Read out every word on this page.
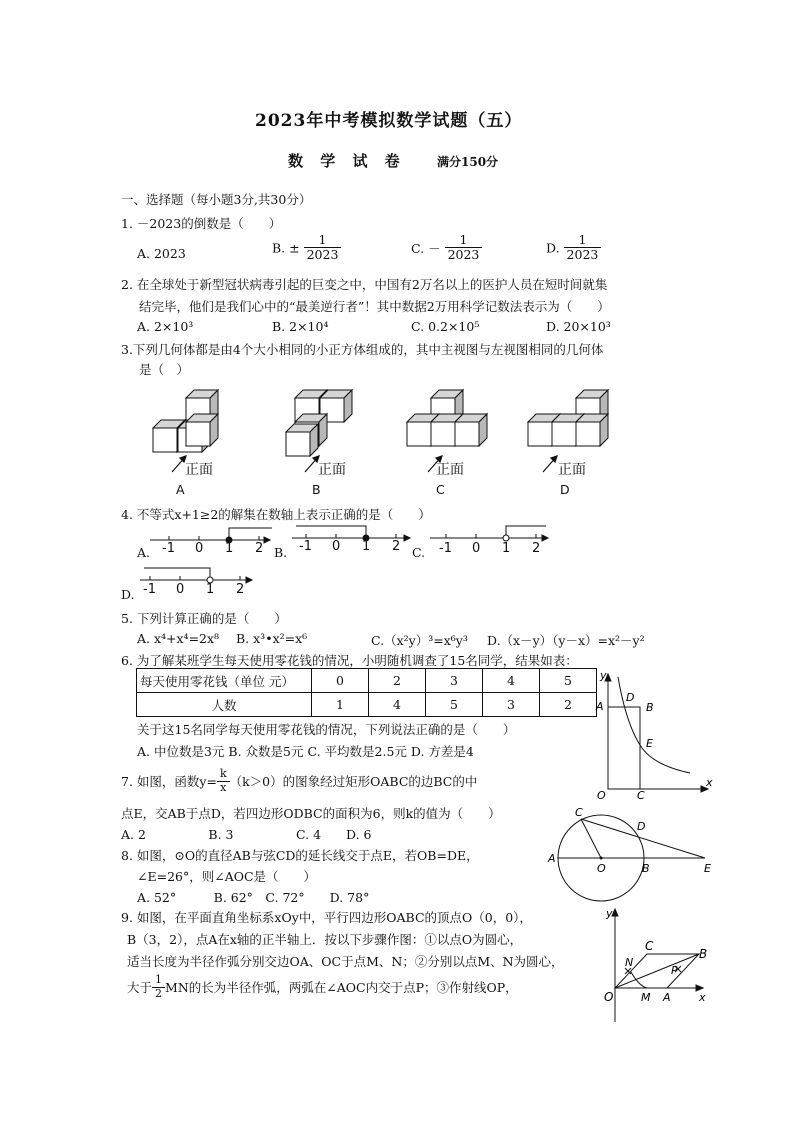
2023年中考模拟数学试题（五）
数 学 试 卷	满分150分
一、选择题（每小题3分,共30分）
1. －2023的倒数是（　　）
A. 2023	B. ± $\frac{1}{2023}$	C. － $\frac{1}{2023}$	D. $\frac{1}{2023}$
2. 在全球处于新型冠状病毒引起的巨变之中，中国有2万名以上的医护人员在短时间就集
结完毕，他们是我们心中的“最美逆行者”！其中数据2万用科学记数法表示为（　　）
A. 2×10³	B. 2×10⁴	C. 0.2×10⁵	D. 20×10³
3.下列几何体都是由4个大小相同的小正方体组成的，其中主视图与左视图相同的几何体
是（　）
正面	正面	正面	正面
A	B	C	D
4. 不等式x+1≥2的解集在数轴上表示正确的是（　　）
A.	B.	C.
D.
-1 0 1 2	-1 0 1 2	-1 0 1 2
-1 0 1 2
5. 下列计算正确的是（　　）
A. x⁴+x⁴=2x⁸ B. x³•x²=x⁶	C.（x²y）³=x⁶y³ D.（x－y）（y－x）=x²－y²
6. 为了解某班学生每天使用零花钱的情况，小明随机调查了15名同学，结果如表：
每天使用零花钱（单位 元）	0	2	3	4	5
人数	1	4	5	3	2
关于这15名同学每天使用零花钱的情况，下列说法正确的是（　　）
A. 中位数是3元 B. 众数是5元 C. 平均数是2.5元 D. 方差是4
y
A
D
B
E
O	C
x
7. 如图，函数$y= \frac{k}{x} (k>0)$的图象经过矩形OABC的边BC的中
点E，交AB于点D，若四边形ODBC的面积为6，则k的值为（　　）
A. 2　　　　　B. 3　　　　　C. 4　　D. 6
C
D
A
O	B	E
8. 如图，⊙O的直径AB与弦CD的延长线交于点E，若OB=DE，
∠E=26°，则∠AOC是（　　）
A. 52°　　　B. 62°　C. 72°　　D. 78°
y
C
B
N
P
O	M A	x
9. 如图，在平面直角坐标系xOy中，平行四边形OABC的顶点O（0，0），
B（3，2），点A在x轴的正半轴上．按以下步骤作图：①以点O为圆心，
适当长度为半径作弧分别交边OA、OC于点M、N；②分别以点M、N为圆心，
大于 $\frac{1}{2}$ MN的长为半径作弧，两弧在∠AOC内交于点P；③作射线OP，
